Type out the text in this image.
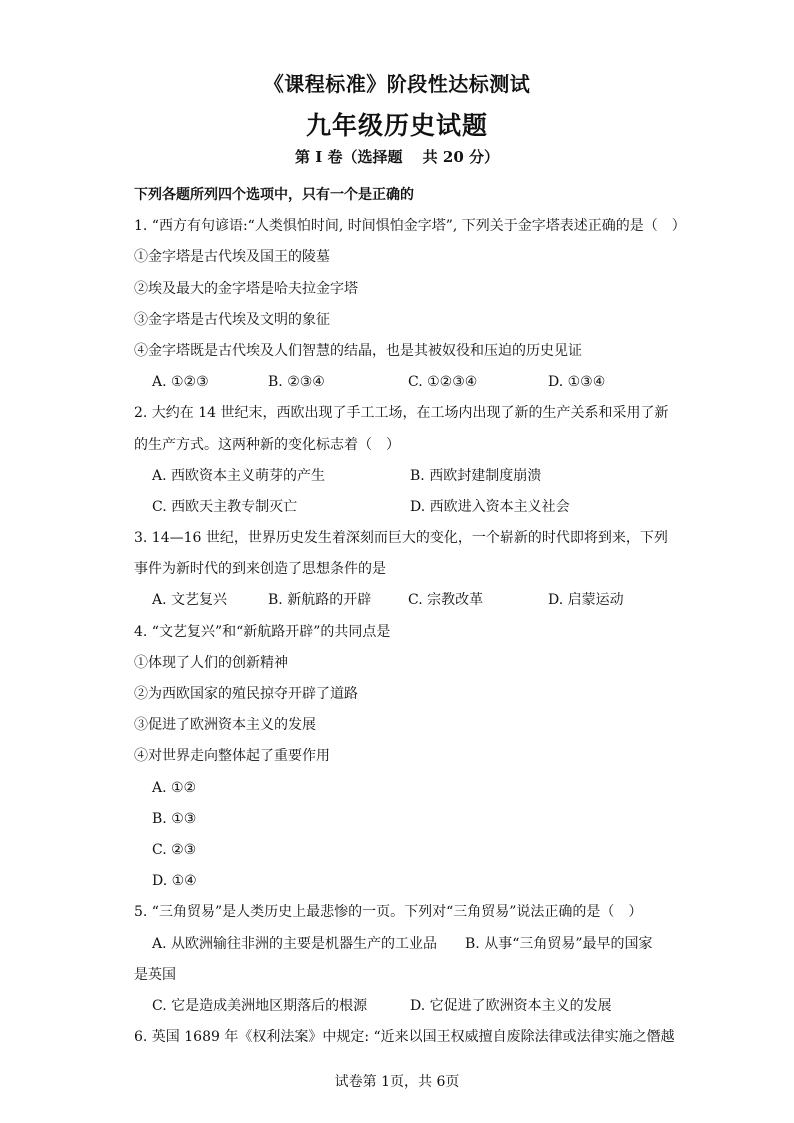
《课程标准》阶段性达标测试
九年级历史试题
第 I 卷（选择题　 共 20 分）
下列各题所列四个选项中，只有一个是正确的
1. “西方有句谚语:“人类惧怕时间, 时间惧怕金字塔”, 下列关于金字塔表述正确的是（　）
①金字塔是古代埃及国王的陵墓
②埃及最大的金字塔是哈夫拉金字塔
③金字塔是古代埃及文明的象征
④金字塔既是古代埃及人们智慧的结晶，也是其被奴役和压迫的历史见证
A. ①②③	B. ②③④	C. ①②③④	D. ①③④
2. 大约在 14 世纪末，西欧出现了手工工场，在工场内出现了新的生产关系和采用了新
的生产方式。这两种新的变化标志着（　）
A. 西欧资本主义萌芽的产生	B. 西欧封建制度崩溃
C. 西欧天主教专制灭亡	D. 西欧进入资本主义社会
3. 14—16 世纪，世界历史发生着深刻而巨大的变化，一个崭新的时代即将到来，下列
事件为新时代的到来创造了思想条件的是
A. 文艺复兴	B. 新航路的开辟	C. 宗教改革	D. 启蒙运动
4. “文艺复兴”和“新航路开辟”的共同点是
①体现了人们的创新精神
②为西欧国家的殖民掠夺开辟了道路
③促进了欧洲资本主义的发展
④对世界走向整体起了重要作用
A. ①②
B. ①③
C. ②③
D. ①④
5. “三角贸易”是人类历史上最悲惨的一页。下列对“三角贸易”说法正确的是（　）
A. 从欧洲输往非洲的主要是机器生产的工业品　　B. 从事“三角贸易”最早的国家
是英国
C. 它是造成美洲地区期落后的根源	D. 它促进了欧洲资本主义的发展
6. 英国 1689 年《权利法案》中规定: “近来以国王权威擅自废除法律或法律实施之僭越
试卷第 1页，共 6页
